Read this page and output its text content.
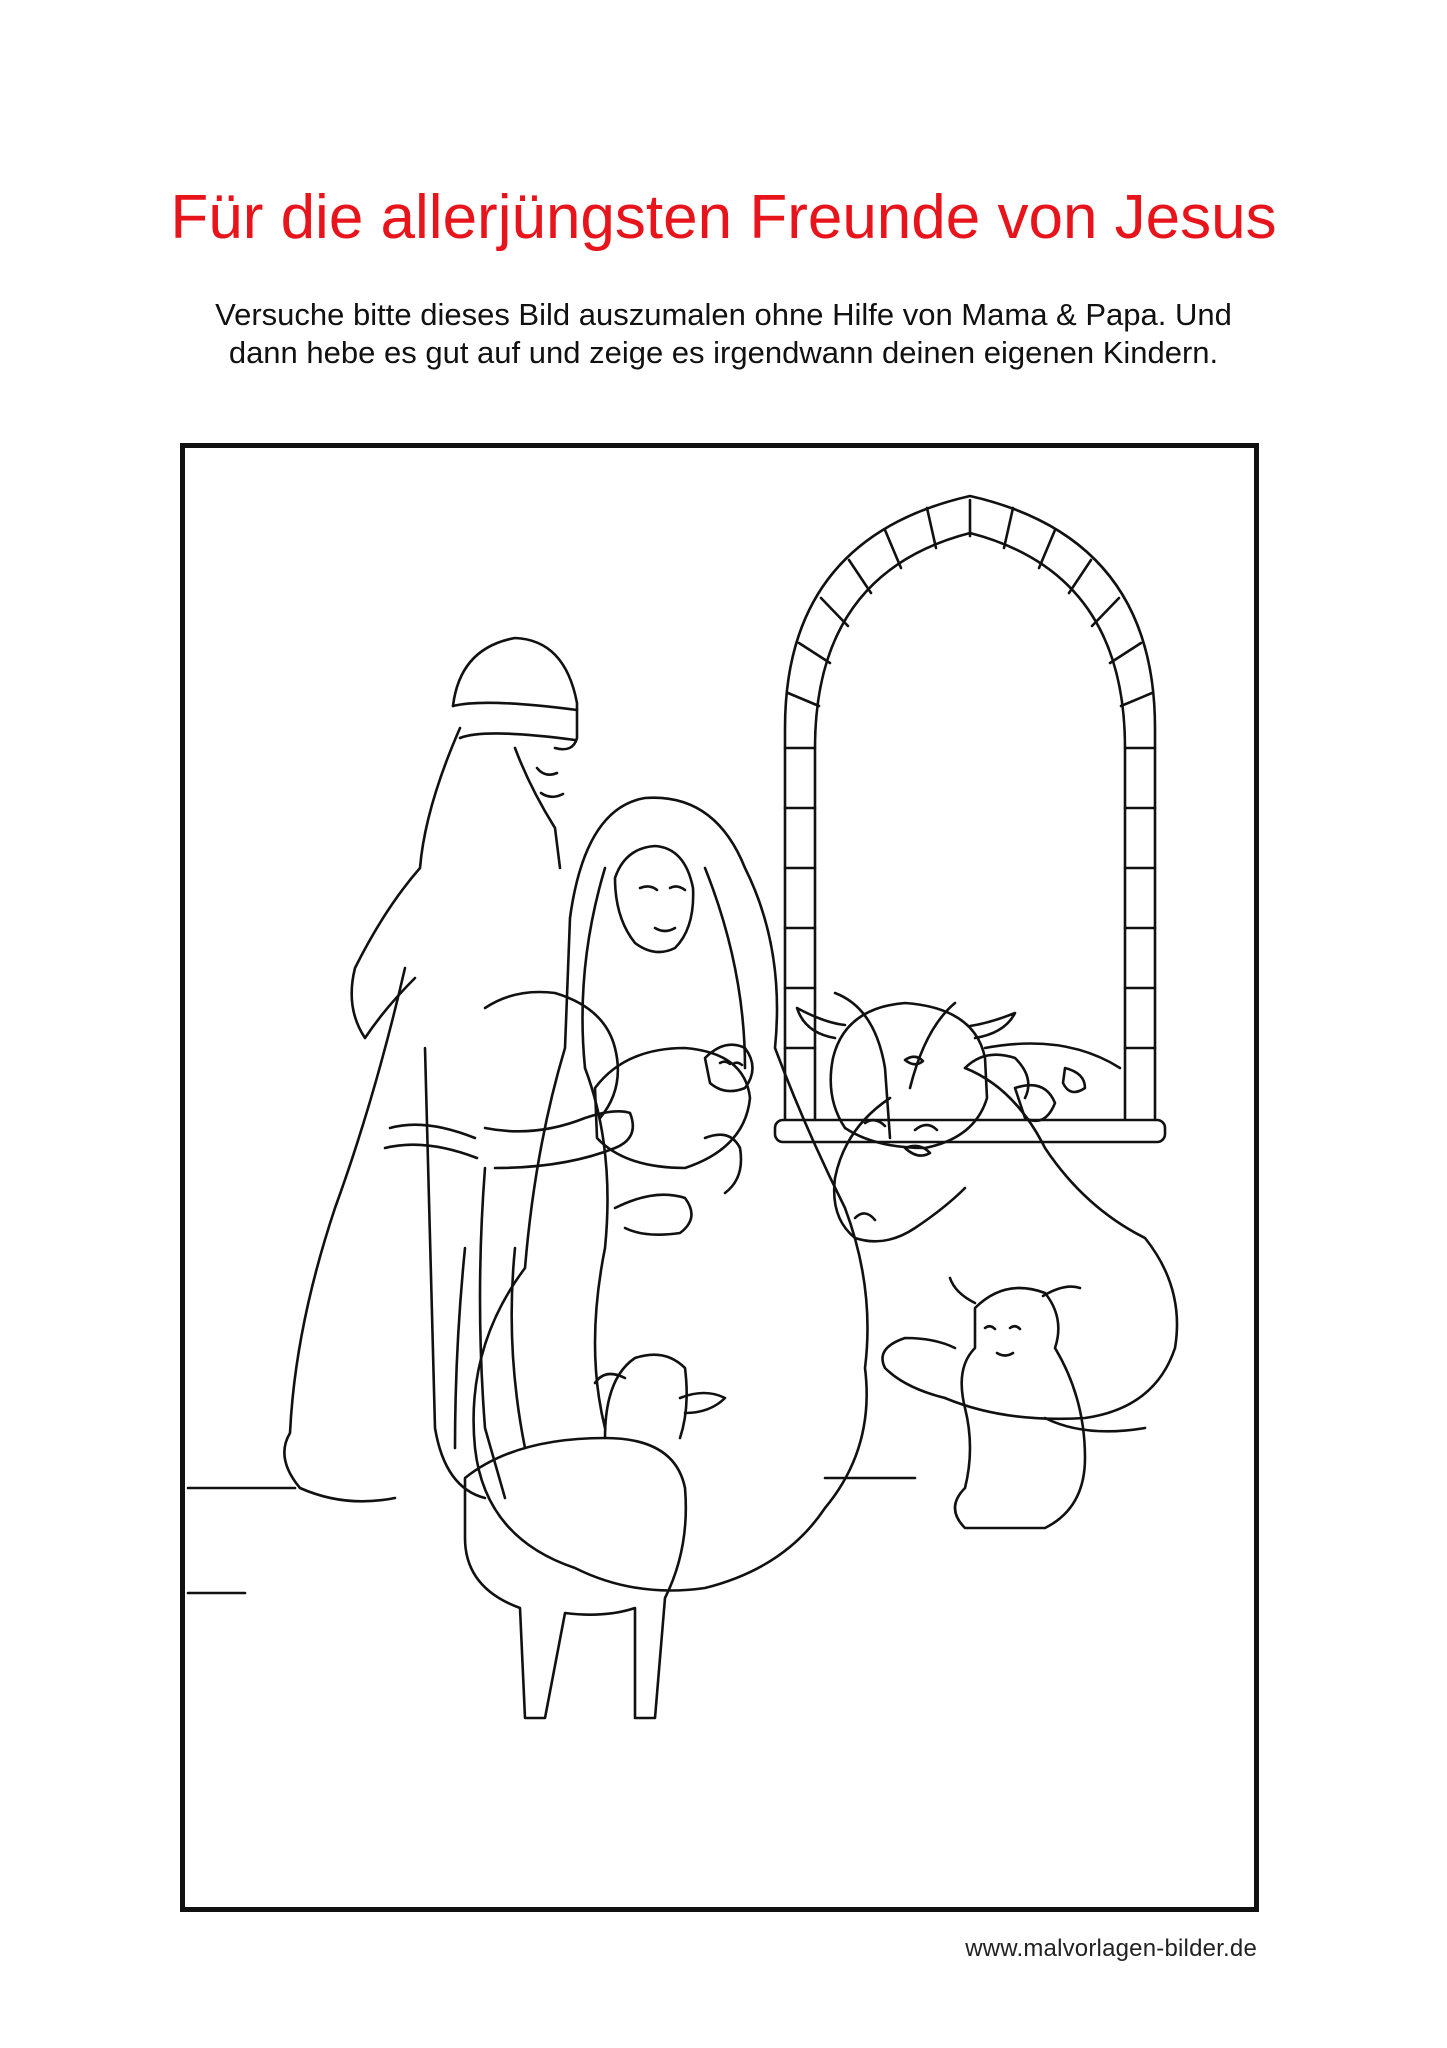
Für die allerjüngsten Freunde von Jesus
Versuche bitte dieses Bild auszumalen ohne Hilfe von Mama & Papa. Und
dann hebe es gut auf und zeige es irgendwann deinen eigenen Kindern.
www.malvorlagen-bilder.de
